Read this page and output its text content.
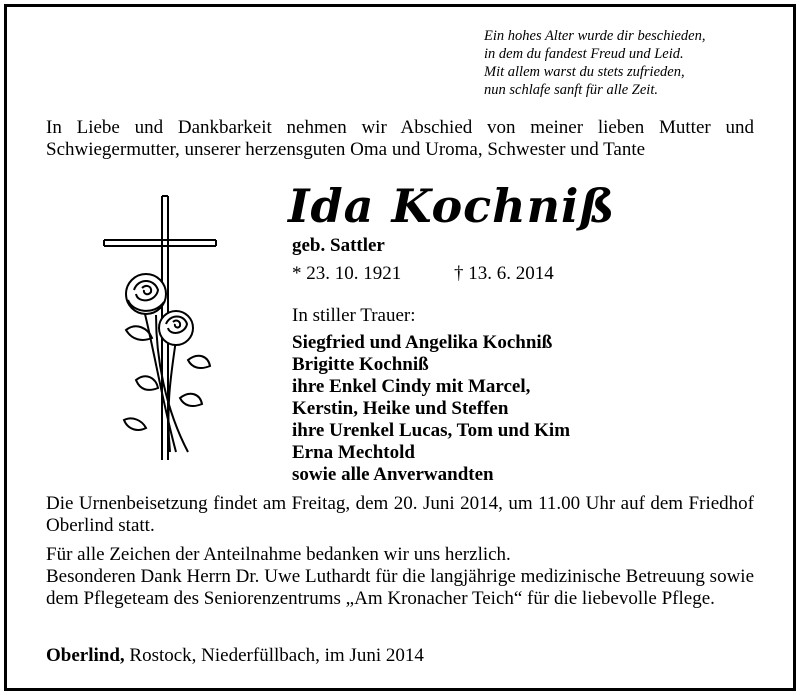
Ein hohes Alter wurde dir beschieden,
in dem du fandest Freud und Leid.
Mit allem warst du stets zufrieden,
nun schlafe sanft für alle Zeit.
In Liebe und Dankbarkeit nehmen wir Abschied von meiner lieben Mutter und Schwiegermutter, unserer herzensguten Oma und Uroma, Schwester und Tante
Ida Kochniß
geb. Sattler
* 23. 10. 1921	† 13. 6. 2014
In stiller Trauer:
Siegfried und Angelika Kochniß
Brigitte Kochniß
ihre Enkel Cindy mit Marcel,
Kerstin, Heike und Steffen
ihre Urenkel Lucas, Tom und Kim
Erna Mechtold
sowie alle Anverwandten
Die Urnenbeisetzung findet am Freitag, dem 20. Juni 2014, um 11.00 Uhr auf dem Friedhof Oberlind statt.
Für alle Zeichen der Anteilnahme bedanken wir uns herzlich.
Besonderen Dank Herrn Dr. Uwe Luthardt für die langjährige medizinische Betreuung sowie dem Pflegeteam des Seniorenzentrums „Am Kronacher Teich“ für die liebevolle Pflege.
Oberlind, Rostock, Niederfüllbach, im Juni 2014
